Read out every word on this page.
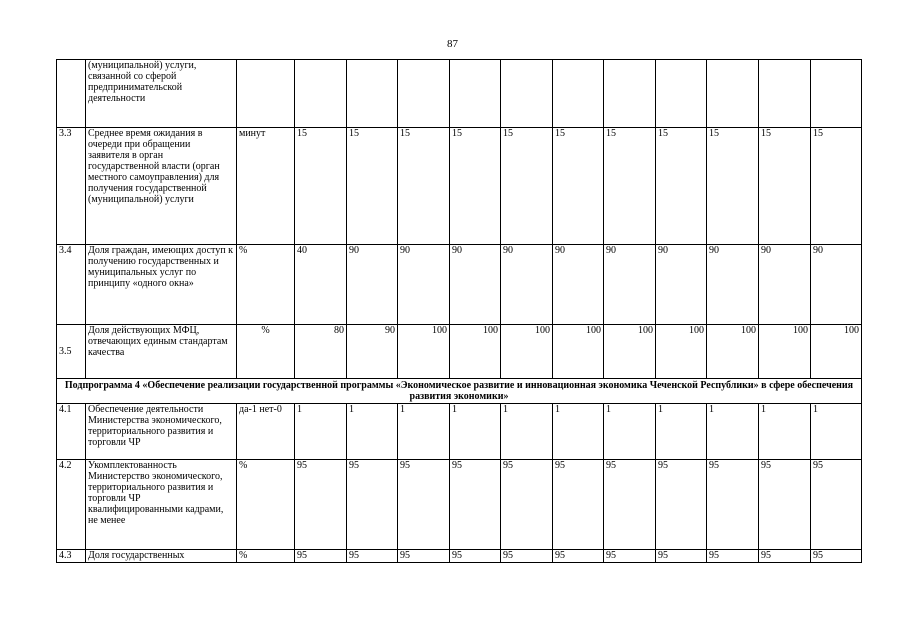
87
	(муниципальной) услуги, связанной со сферой предпринимательской деятельности												
3.3	Среднее время ожидания в очереди при обращении заявителя в орган государственной власти (орган местного самоуправления) для получения государственной (муниципальной) услуги	минут	15	15	15	15	15	15	15	15	15	15	15
3.4	Доля граждан, имеющих доступ к получению государственных и муниципальных услуг по принципу «одного окна»	%	40	90	90	90	90	90	90	90	90	90	90
3.5	Доля действующих МФЦ, отвечающих единым стандартам качества	%	80	90	100	100	100	100	100	100	100	100	100
Подпрограмма 4 «Обеспечение реализации государственной программы «Экономическое развитие и инновационная экономика Чеченской Республики» в сфере обеспечения развития экономики»													
4.1	Обеспечение деятельности Министерства экономического, территориального развития и торговли ЧР	да-1 нет-0	1	1	1	1	1	1	1	1	1	1	1
4.2	Укомплектованность Министерство экономического, территориального развития и торговли ЧР квалифицированными кадрами, не менее	%	95	95	95	95	95	95	95	95	95	95	95
4.3	Доля государственных	%	95	95	95	95	95	95	95	95	95	95	95
